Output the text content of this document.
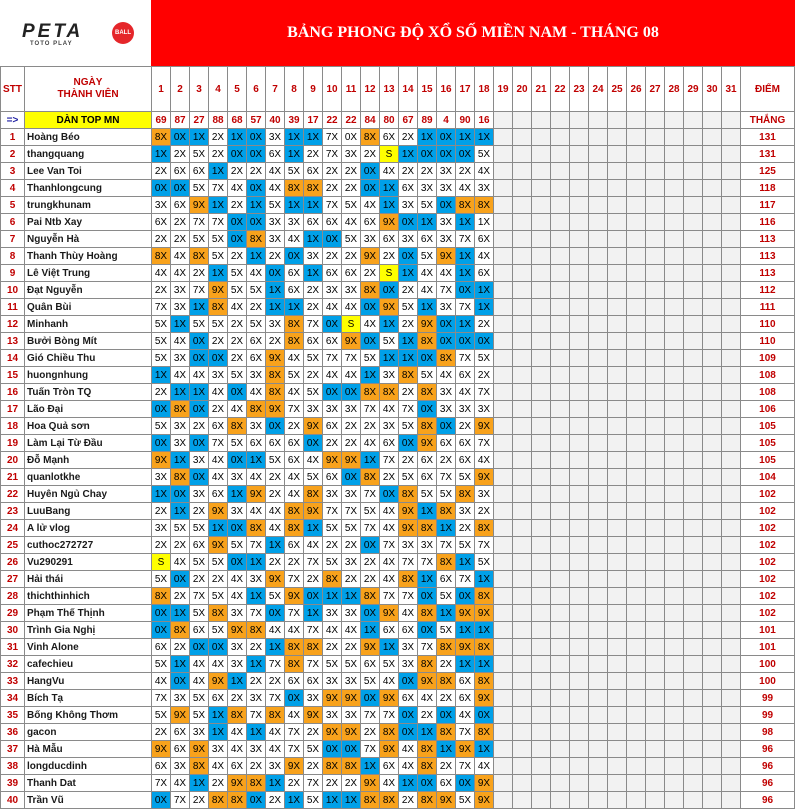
PETA	BALL
TOTO PLAY
BẢNG PHONG ĐỘ XỔ SỐ MIỀN NAM - THÁNG 08
STT	NGÀY
THÀNH VIÊN	1	2	3	4	5	6	7	8	9	10	11	12	13	14	15	16	17	18	19	20	21	22	23	24	25	26	27	28	29	30	31	ĐIỂM
=>	DÀN TOP MN	69	87	27	88	68	57	40	39	17	22	22	84	80	67	89	4	90	16														THẮNG
1	Hoàng Béo	8X	0X	1X	2X	1X	0X	3X	1X	1X	7X	0X	8X	6X	2X	1X	0X	1X	1X														131
2	thangquang	1X	2X	5X	2X	0X	0X	6X	1X	2X	7X	3X	2X	S	1X	0X	0X	0X	5X														131
3	Lee Van Toi	2X	6X	6X	1X	2X	2X	4X	5X	6X	2X	2X	0X	4X	2X	2X	3X	2X	4X														125
4	Thanhlongcung	0X	0X	5X	7X	4X	0X	4X	8X	8X	2X	2X	0X	1X	6X	3X	3X	4X	3X														118
5	trungkhunam	3X	6X	9X	1X	2X	1X	5X	1X	1X	7X	5X	4X	1X	3X	5X	0X	8X	8X														117
6	Pai Ntb Xay	6X	2X	7X	7X	0X	0X	3X	3X	6X	6X	4X	6X	9X	0X	1X	3X	1X	1X														116
7	Nguyễn Hà	2X	2X	5X	5X	0X	8X	3X	4X	1X	0X	5X	3X	6X	3X	6X	3X	7X	6X														113
8	Thanh Thùy Hoàng	8X	4X	8X	5X	2X	1X	2X	0X	3X	2X	2X	9X	2X	0X	5X	9X	1X	4X														113
9	Lê Việt Trung	4X	4X	2X	1X	5X	4X	0X	6X	1X	6X	6X	2X	S	1X	4X	4X	1X	6X														113
10	Đạt Nguyễn	2X	3X	7X	9X	5X	5X	1X	6X	2X	3X	3X	8X	0X	2X	4X	7X	0X	1X														112
11	Quân Bùi	7X	3X	1X	8X	4X	2X	1X	1X	2X	4X	4X	0X	9X	5X	1X	3X	7X	1X														111
12	Minhanh	5X	1X	5X	5X	2X	5X	3X	8X	7X	0X	S	4X	1X	2X	9X	0X	1X	2X														110
13	Bưởi Bòng Mít	5X	4X	0X	2X	2X	6X	2X	8X	6X	6X	9X	0X	5X	1X	8X	0X	0X	0X														110
14	Gió Chiều Thu	5X	3X	0X	0X	2X	6X	9X	4X	5X	7X	7X	5X	1X	1X	0X	8X	7X	5X														109
15	huongnhung	1X	4X	4X	3X	5X	3X	8X	5X	2X	4X	4X	1X	3X	8X	5X	4X	6X	2X														108
16	Tuấn Tròn TQ	2X	1X	1X	4X	0X	4X	8X	4X	5X	0X	0X	8X	8X	2X	8X	3X	4X	7X														108
17	Lão Đại	0X	8X	0X	2X	4X	8X	9X	7X	3X	3X	3X	7X	4X	7X	0X	3X	3X	3X														106
18	Hoa Quả sơn	5X	3X	2X	6X	8X	3X	0X	2X	9X	6X	2X	2X	3X	5X	8X	0X	2X	9X														105
19	Làm Lại Từ Đầu	0X	3X	0X	7X	5X	6X	6X	6X	0X	2X	2X	4X	6X	0X	9X	6X	6X	7X														105
20	Đỗ Mạnh	9X	1X	3X	4X	0X	1X	5X	6X	4X	9X	9X	1X	7X	2X	6X	2X	6X	4X														105
21	quanlotkhe	3X	8X	0X	4X	3X	4X	2X	4X	5X	6X	0X	8X	2X	5X	6X	7X	5X	9X														104
22	Huyên Ngủ Chay	1X	0X	3X	6X	1X	9X	2X	4X	8X	3X	3X	7X	0X	8X	5X	5X	8X	3X														102
23	LuuBang	2X	1X	2X	9X	3X	4X	4X	8X	9X	7X	7X	5X	4X	9X	1X	8X	3X	2X														102
24	A lử vlog	3X	5X	5X	1X	0X	8X	4X	8X	1X	5X	5X	7X	4X	9X	8X	1X	2X	8X														102
25	cuthoc272727	2X	2X	6X	9X	5X	7X	1X	6X	4X	2X	2X	0X	7X	3X	3X	7X	5X	7X														102
26	Vu290291	S	4X	5X	5X	0X	1X	2X	2X	7X	5X	3X	2X	4X	7X	7X	8X	1X	5X														102
27	Hải thái	5X	0X	2X	2X	4X	3X	9X	7X	2X	8X	2X	2X	4X	8X	1X	6X	7X	1X														102
28	thichthinhich	8X	2X	7X	5X	4X	1X	5X	9X	0X	1X	1X	8X	7X	7X	0X	5X	0X	8X														102
29	Phạm Thế Thịnh	0X	1X	5X	8X	3X	7X	0X	7X	1X	3X	3X	0X	9X	4X	8X	1X	9X	9X														102
30	Trình Gia Nghị	0X	8X	6X	5X	9X	8X	4X	4X	7X	4X	4X	1X	6X	6X	0X	5X	1X	1X														101
31	Vinh Alone	6X	2X	0X	0X	3X	2X	1X	8X	8X	2X	2X	9X	1X	3X	7X	8X	9X	8X														101
32	cafechieu	5X	1X	4X	4X	3X	1X	7X	8X	7X	5X	5X	6X	5X	3X	8X	2X	1X	1X														100
33	HangVu	4X	0X	4X	9X	1X	2X	2X	6X	6X	3X	3X	5X	4X	0X	9X	8X	6X	8X														100
34	Bích Tạ	7X	3X	5X	6X	2X	3X	7X	0X	3X	9X	9X	0X	9X	6X	4X	2X	6X	9X														99
35	Bống Không Thơm	5X	9X	5X	1X	8X	7X	8X	4X	9X	3X	3X	7X	7X	0X	2X	0X	4X	0X														99
36	gacon	2X	6X	3X	1X	4X	1X	4X	7X	2X	9X	9X	2X	8X	0X	1X	8X	7X	8X														98
37	Hà Mẫu	9X	6X	9X	3X	4X	3X	4X	7X	5X	0X	0X	7X	9X	4X	8X	1X	9X	1X														96
38	longducdinh	6X	3X	8X	4X	6X	2X	3X	9X	2X	8X	8X	1X	6X	4X	8X	2X	7X	4X														96
39	Thanh Dat	7X	4X	1X	2X	9X	8X	1X	2X	7X	2X	2X	9X	4X	1X	0X	6X	0X	9X														96
40	Trần Vũ	0X	7X	2X	8X	8X	0X	2X	1X	5X	1X	1X	8X	8X	2X	8X	9X	5X	9X														96
